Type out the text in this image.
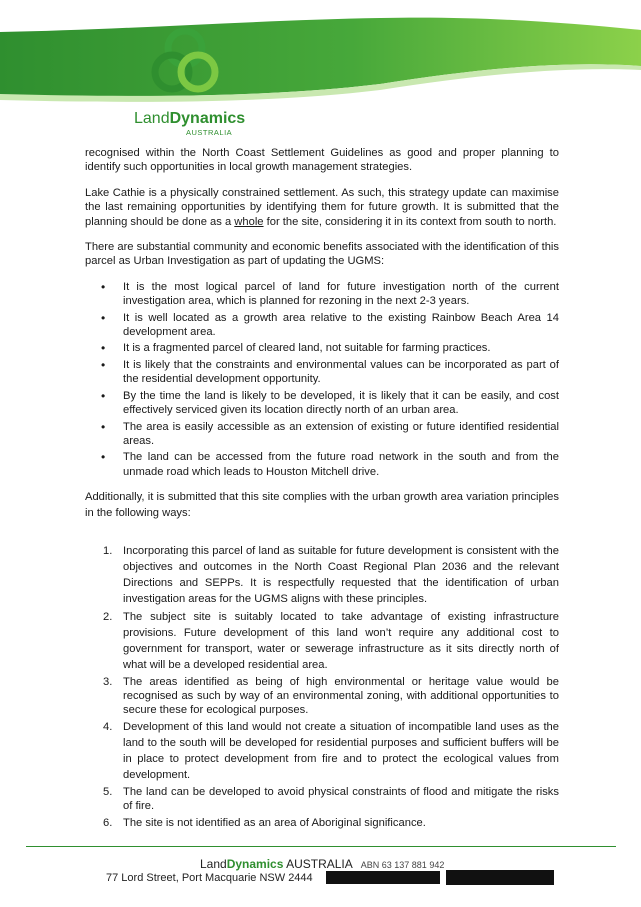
LandDynamics
AUSTRALIA

recognised within the North Coast Settlement Guidelines as good and proper planning to identify such opportunities in local growth management strategies.

Lake Cathie is a physically constrained settlement. As such, this strategy update can maximise the last remaining opportunities by identifying them for future growth. It is submitted that the planning should be done as a whole for the site, considering it in its context from south to north.

There are substantial community and economic benefits associated with the identification of this parcel as Urban Investigation as part of updating the UGMS:

• It is the most logical parcel of land for future investigation north of the current investigation area, which is planned for rezoning in the next 2-3 years.
• It is well located as a growth area relative to the existing Rainbow Beach Area 14 development area.
• It is a fragmented parcel of cleared land, not suitable for farming practices.
• It is likely that the constraints and environmental values can be incorporated as part of the residential development opportunity.
• By the time the land is likely to be developed, it is likely that it can be easily, and cost effectively serviced given its location directly north of an urban area.
• The area is easily accessible as an extension of existing or future identified residential areas.
• The land can be accessed from the future road network in the south and from the unmade road which leads to Houston Mitchell drive.

Additionally, it is submitted that this site complies with the urban growth area variation principles in the following ways:

1. Incorporating this parcel of land as suitable for future development is consistent with the objectives and outcomes in the North Coast Regional Plan 2036 and the relevant Directions and SEPPs. It is respectfully requested that the identification of urban investigation areas for the UGMS aligns with these principles.
2. The subject site is suitably located to take advantage of existing infrastructure provisions. Future development of this land won’t require any additional cost to government for transport, water or sewerage infrastructure as it sits directly north of what will be a developed residential area.
3. The areas identified as being of high environmental or heritage value would be recognised as such by way of an environmental zoning, with additional opportunities to secure these for ecological purposes.
4. Development of this land would not create a situation of incompatible land uses as the land to the south will be developed for residential purposes and sufficient buffers will be in place to protect development from fire and to protect the ecological values from development.
5. The land can be developed to avoid physical constraints of flood and mitigate the risks of fire.
6. The site is not identified as an area of Aboriginal significance.
LandDynamics AUSTRALIA ABN 63 137 881 942
77 Lord Street, Port Macquarie NSW 2444
